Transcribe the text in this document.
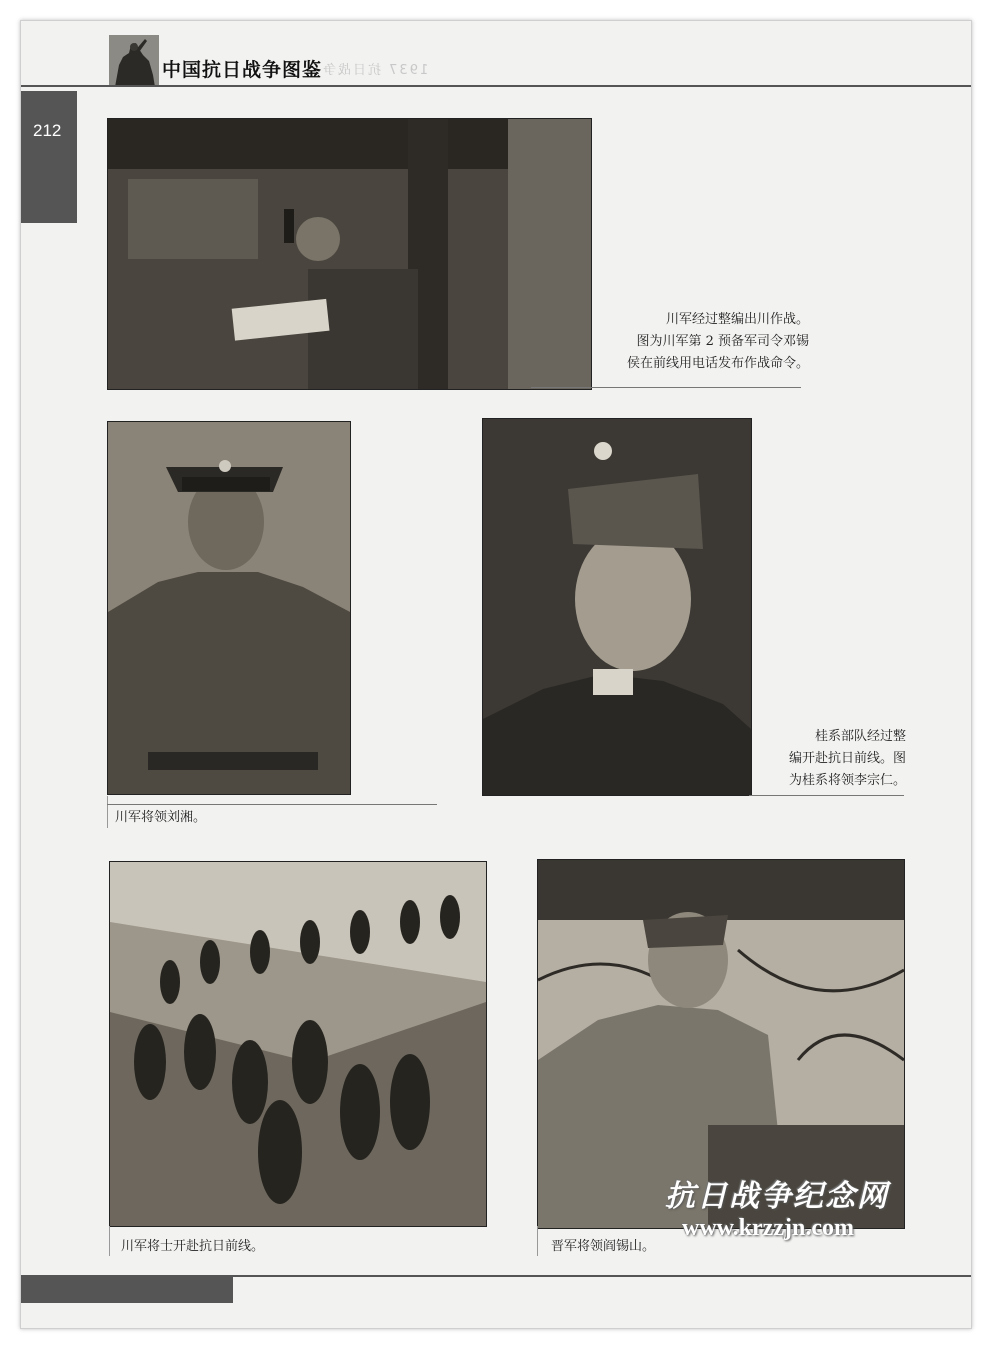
中国抗日战争图鉴
1937 抗日战争
212
川军经过整编出川作战。
图为川军第 2 预备军司令邓锡
侯在前线用电话发布作战命令。
川军将领刘湘。
桂系部队经过整
编开赴抗日前线。图
为桂系将领李宗仁。
川军将士开赴抗日前线。	晋军将领阎锡山。
抗日战争纪念网
www.krzzjn.com
